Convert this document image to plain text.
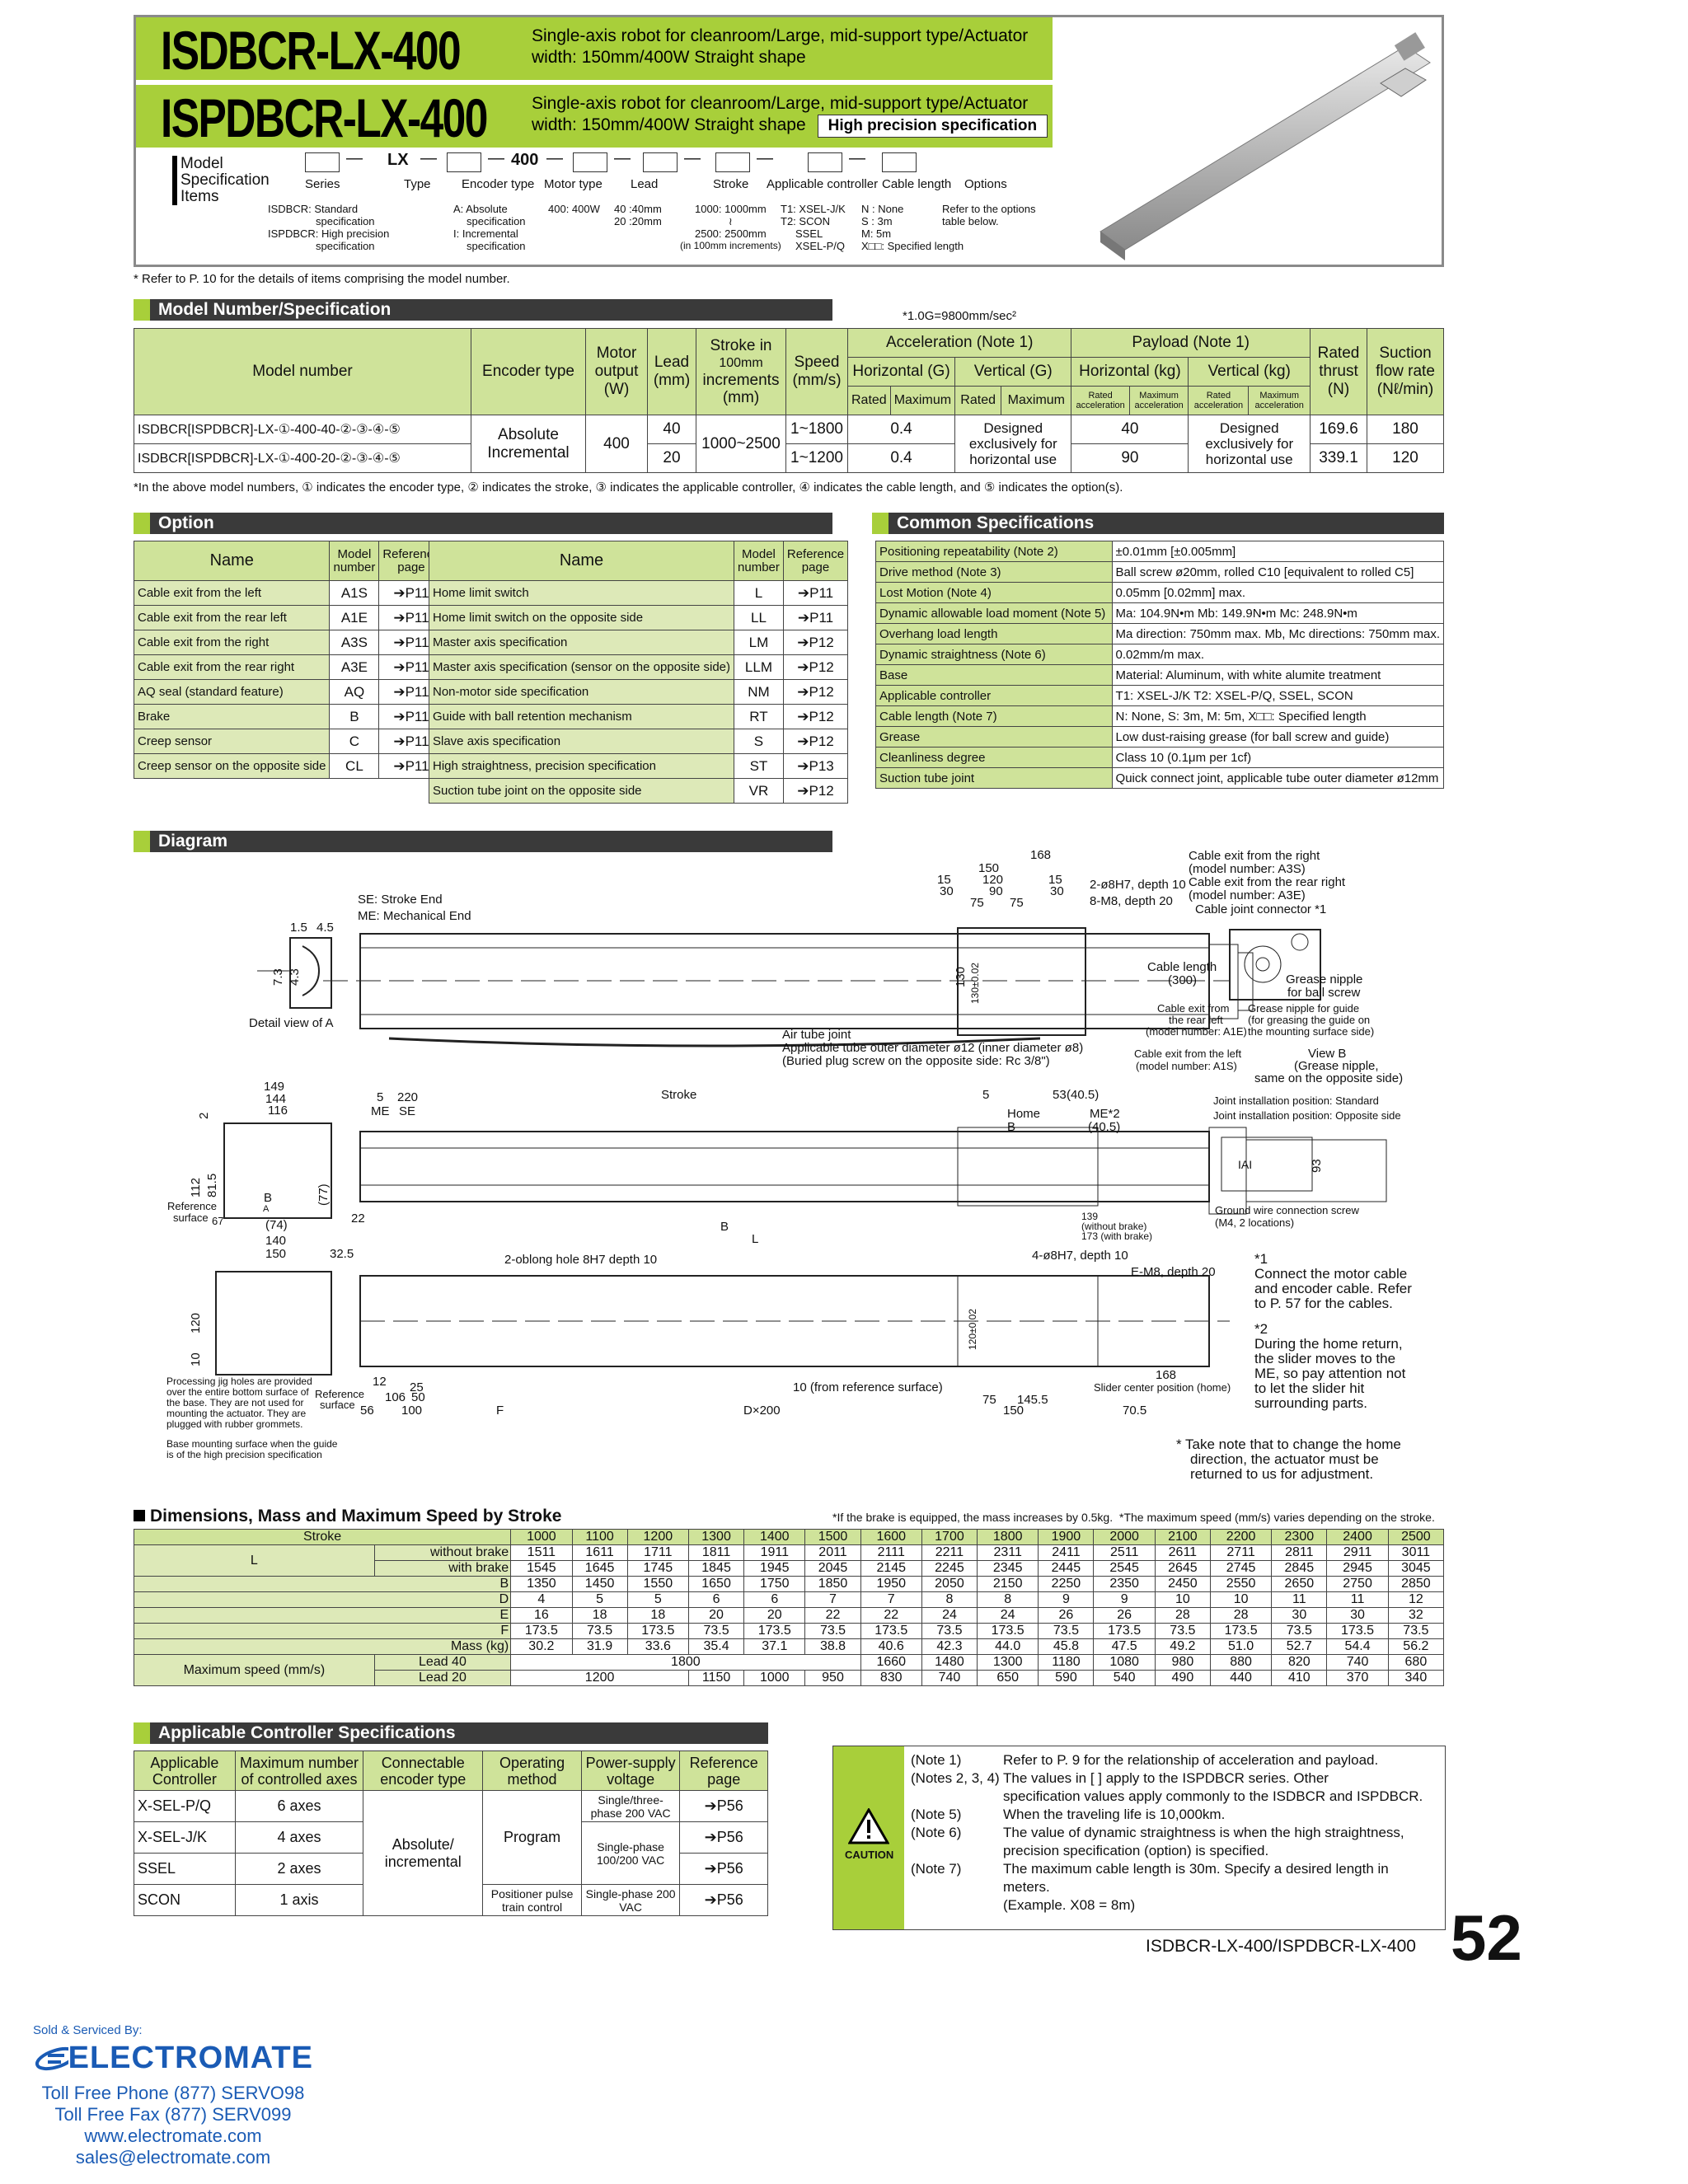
ISDBCR-LX-400	Single-axis robot for cleanroom/Large, mid-support type/Actuator
width: 150mm/400W Straight shape
ISPDBCR-LX-400	Single-axis robot for cleanroom/Large, mid-support type/Actuator
width: 150mm/400W Straight shape High precision specification
Model
Specification
Items
— LX —	— 400 —	—	—	—	—
Series	Type Encoder type Motor type Lead	Stroke Applicable controller Cable length Options
ISDBCR: Standard
specification
ISPDBCR: High precision
specification
A: Absolute
specification
I: Incremental
specification
400: 400W 40 :40mm
20 :20mm
1000: 1000mm
≀
2500: 2500mm
(in 100mm increments)
T1: XSEL-J/K
T2: SCON
SSEL
XSEL-P/Q
N : None
S : 3m
M: 5m
X□□: Specified length
Refer to the options
table below.
* Refer to P. 10 for the details of items comprising the model number.
Model Number/Specification	*1.0G=9800mm/sec²
Model number	Encoder type	Motor output (W)	Lead (mm)	Stroke in
100mm
increments
(mm)	Speed (mm/s)	Acceleration (Note 1)				Payload (Note 1)				Rated thrust (N)	Suction flow rate (Nℓ/min)
						Horizontal (G)		Vertical (G)		Horizontal (kg)		Vertical (kg)			
						Rated	Maximum	Rated	Maximum	Rated acceleration	Maximum acceleration	Rated acceleration	Maximum acceleration		
ISDBCR[ISPDBCR]-LX-①-400-40-②-③-④-⑤	Absolute Incremental	400	40	1000~2500	1~1800	0.4		Designed exclusively for horizontal use		40		Designed exclusively for horizontal use		169.6	180
ISDBCR[ISPDBCR]-LX-①-400-20-②-③-④-⑤			20		1~1200	0.4				90				339.1	120
*In the above model numbers, ① indicates the encoder type, ② indicates the stroke, ③ indicates the applicable controller, ④ indicates the cable length, and ⑤ indicates the option(s).
Option
Name	Model number	Reference page
Cable exit from the left	A1S	➔P11
Cable exit from the rear left	A1E	➔P11
Cable exit from the right	A3S	➔P11
Cable exit from the rear right	A3E	➔P11
AQ seal (standard feature)	AQ	➔P11
Brake	B	➔P11
Creep sensor	C	➔P11
Creep sensor on the opposite side	CL	➔P11
Name	Model number	Reference page
Home limit switch	L	➔P11
Home limit switch on the opposite side	LL	➔P11
Master axis specification	LM	➔P12
Master axis specification (sensor on the opposite side)	LLM	➔P12
Non-motor side specification	NM	➔P12
Guide with ball retention mechanism	RT	➔P12
Slave axis specification	S	➔P12
High straightness, precision specification	ST	➔P13
Suction tube joint on the opposite side	VR	➔P12
Common Specifications
Positioning repeatability (Note 2)	±0.01mm [±0.005mm]
Drive method (Note 3)	Ball screw ø20mm, rolled C10 [equivalent to rolled C5]
Lost Motion (Note 4)	0.05mm [0.02mm] max.
Dynamic allowable load moment (Note 5)	Ma: 104.9N•m Mb: 149.9N•m Mc: 248.9N•m
Overhang load length	Ma direction: 750mm max. Mb, Mc directions: 750mm max.
Dynamic straightness (Note 6)	0.02mm/m max.
Base	Material: Aluminum, with white alumite treatment
Applicable controller	T1: XSEL-J/K T2: XSEL-P/Q, SSEL, SCON
Cable length (Note 7)	N: None, S: 3m, M: 5m, X□□: Specified length
Grease	Low dust-raising grease (for ball screw and guide)
Cleanliness degree	Class 10 (0.1μm per 1cf)
Suction tube joint	Quick connect joint, applicable tube outer diameter ø12mm
Diagram
1.5 4.5
7.3 4.3
Detail view of A
SE: Stroke End
ME: Mechanical End
130 130±0.02
168
150
120
15	15
30	90	30
75 75
2-ø8H7, depth 10
8-M8, depth 20
Air tube joint
Applicable tube outer diameter ø12 (inner diameter ø8)
(Buried plug screw on the opposite side: Rc 3/8")
Cable exit from the right
(model number: A3S)
Cable exit from the rear right
(model number: A3E)
Cable joint connector *1
Cable length
(300)	Grease nipple
for ball screw
Cable exit from
the rear left
(model number: A1E)
Grease nipple for guide
(for greasing the guide on
the mounting surface side)
Cable exit from the left
(model number: A1S)
View B
(Grease nipple,
same on the opposite side)
149
144
116
2
112 81.5
B
A
(74)
(77)
140
150	32.5
67
Reference
surface
5 220
ME SE
Stroke	5	53 (40.5)
Home
B
ME*2
(40.5)
B
L
22	139
(without brake)
173 (with brake)
Joint installation position: Standard
Joint installation position: Opposite side
IAI	93
Ground wire connection screw
(M4, 2 locations)
120
10
2-oblong hole 8H7 depth 10	4-ø8H7, depth 10
E-M8, depth 20
120±0.02
10 (from reference surface)	Slider center position (home)
168
12 25
106 50
56 100	F	D×200
75 145.5
150	70.5
Reference
surface
Processing jig holes are provided
over the entire bottom surface of
the base. They are not used for
mounting the actuator. They are
plugged with rubber grommets.
Base mounting surface when the guide
is of the high precision specification
*1
Connect the motor cable
and encoder cable. Refer
to P. 57 for the cables.
*2
During the home return,
the slider moves to the
ME, so pay attention not
to let the slider hit
surrounding parts.
* Take note that to change the home
direction, the actuator must be
returned to us for adjustment.
Dimensions, Mass and Maximum Speed by Stroke	*If the brake is equipped, the mass increases by 0.5kg. *The maximum speed (mm/s) varies depending on the stroke.
Stroke		1000	1100	1200	1300	1400	1500	1600	1700	1800	1900	2000	2100	2200	2300	2400	2500
L	without brake	1511	1611	1711	1811	1911	2011	2111	2211	2311	2411	2511	2611	2711	2811	2911	3011
	with brake	1545	1645	1745	1845	1945	2045	2145	2245	2345	2445	2545	2645	2745	2845	2945	3045
B		1350	1450	1550	1650	1750	1850	1950	2050	2150	2250	2350	2450	2550	2650	2750	2850
D		4	5	5	6	6	7	7	8	8	9	9	10	10	11	11	12
E		16	18	18	20	20	22	22	24	24	26	26	28	28	30	30	32
F		173.5	73.5	173.5	73.5	173.5	73.5	173.5	73.5	173.5	73.5	173.5	73.5	173.5	73.5	173.5	73.5
Mass (kg)		30.2	31.9	33.6	35.4	37.1	38.8	40.6	42.3	44.0	45.8	47.5	49.2	51.0	52.7	54.4	56.2
Maximum speed (mm/s)	Lead 40	1800						1660	1480	1300	1180	1080	980	880	820	740	680
	Lead 20	1200			1150	1000	950	830	740	650	590	540	490	440	410	370	340
Applicable Controller Specifications
Applicable Controller	Maximum number of controlled axes	Connectable encoder type	Operating method	Power-supply voltage	Reference page
X-SEL-P/Q	6 axes	Absolute/ incremental	Program	Single/three-phase 200 VAC	➔P56
X-SEL-J/K	4 axes			Single-phase 100/200 VAC	➔P56
SSEL	2 axes				➔P56
SCON	1 axis		Positioner pulse train control	Single-phase 200 VAC	➔P56
CAUTION
(Note 1)	Refer to P. 9 for the relationship of acceleration and payload.
(Notes 2, 3, 4) The values in [ ] apply to the ISPDBCR series. Other
specification values apply commonly to the ISDBCR and ISPDBCR.
(Note 5)	When the traveling life is 10,000km.
(Note 6)	The value of dynamic straightness is when the high straightness,
precision specification (option) is specified.
(Note 7)	The maximum cable length is 30m. Specify a desired length in
meters.
(Example. X08 = 8m)
ISDBCR-LX-400/ISPDBCR-LX-400 52
Sold & Serviced By:
ELECTROMATE
Toll Free Phone (877) SERVO98
Toll Free Fax (877) SERV099
www.electromate.com
sales@electromate.com
